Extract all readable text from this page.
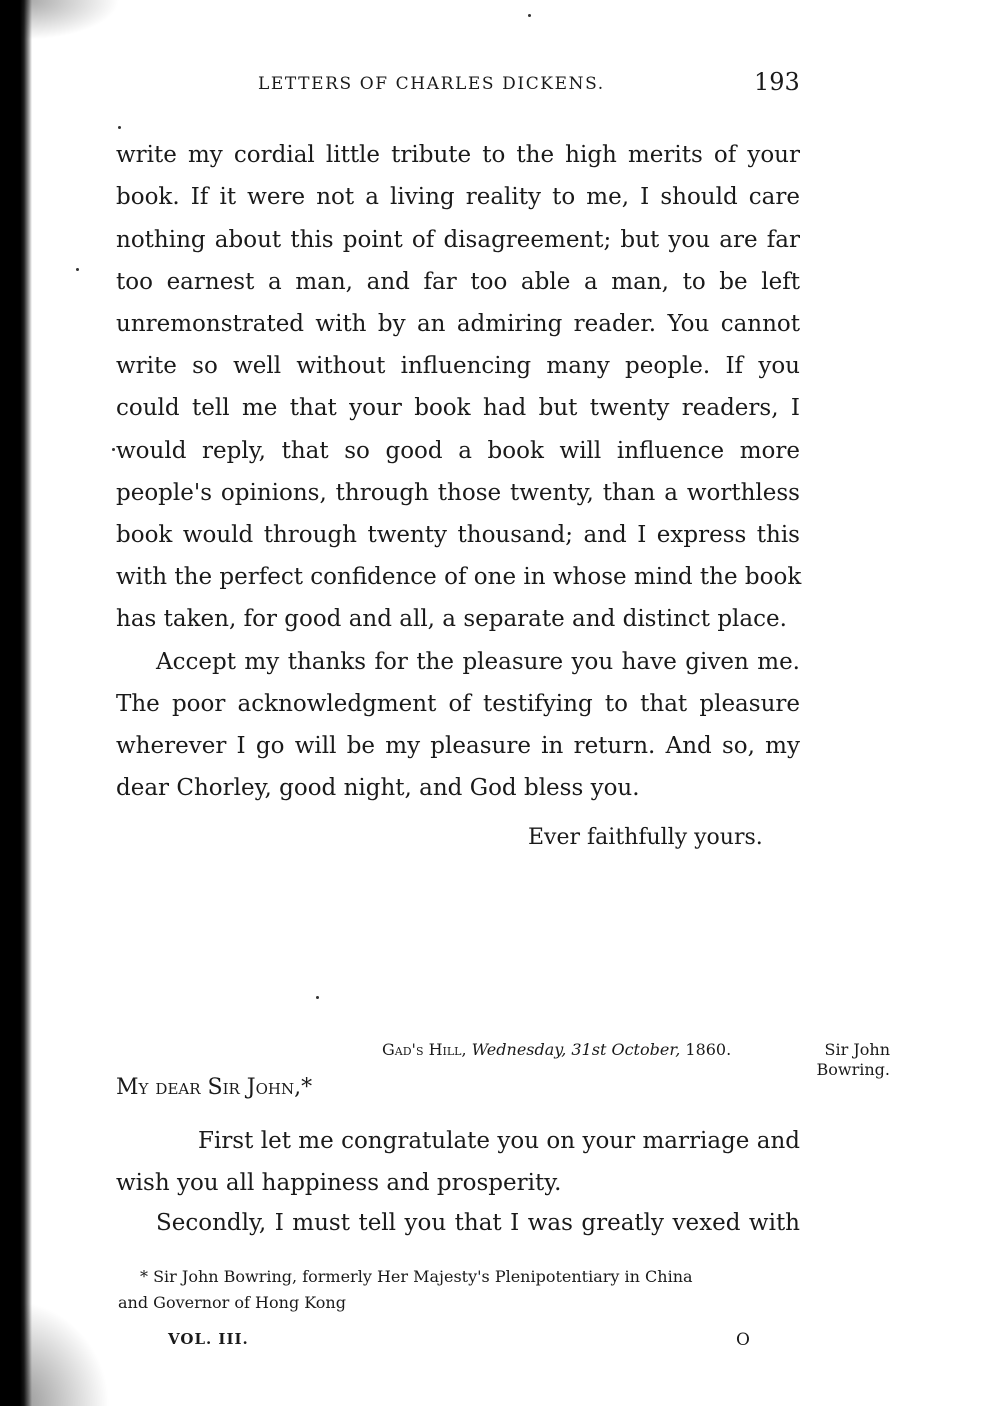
LETTERS OF CHARLES DICKENS.	193
write my cordial little tribute to the high merits of your
book. If it were not a living reality to me, I should care
nothing about this point of disagreement; but you are far
too earnest a man, and far too able a man, to be left
unremonstrated with by an admiring reader. You cannot
write so well without influencing many people. If you
could tell me that your book had but twenty readers, I
would reply, that so good a book will influence more
people's opinions, through those twenty, than a worthless
book would through twenty thousand; and I express this
with the perfect confidence of one in whose mind the book
has taken, for good and all, a separate and distinct place.
Accept my thanks for the pleasure you have given me.
The poor acknowledgment of testifying to that pleasure
wherever I go will be my pleasure in return. And so, my
dear Chorley, good night, and God bless you.
Ever faithfully yours.
Gad's Hill, Wednesday, 31st October, 1860.	Sir John Bowring.
My dear Sir John,*
First let me congratulate you on your marriage and
wish you all happiness and prosperity.
Secondly, I must tell you that I was greatly vexed with
* Sir John Bowring, formerly Her Majesty's Plenipotentiary in China
and Governor of Hong Kong
VOL. III.	O
